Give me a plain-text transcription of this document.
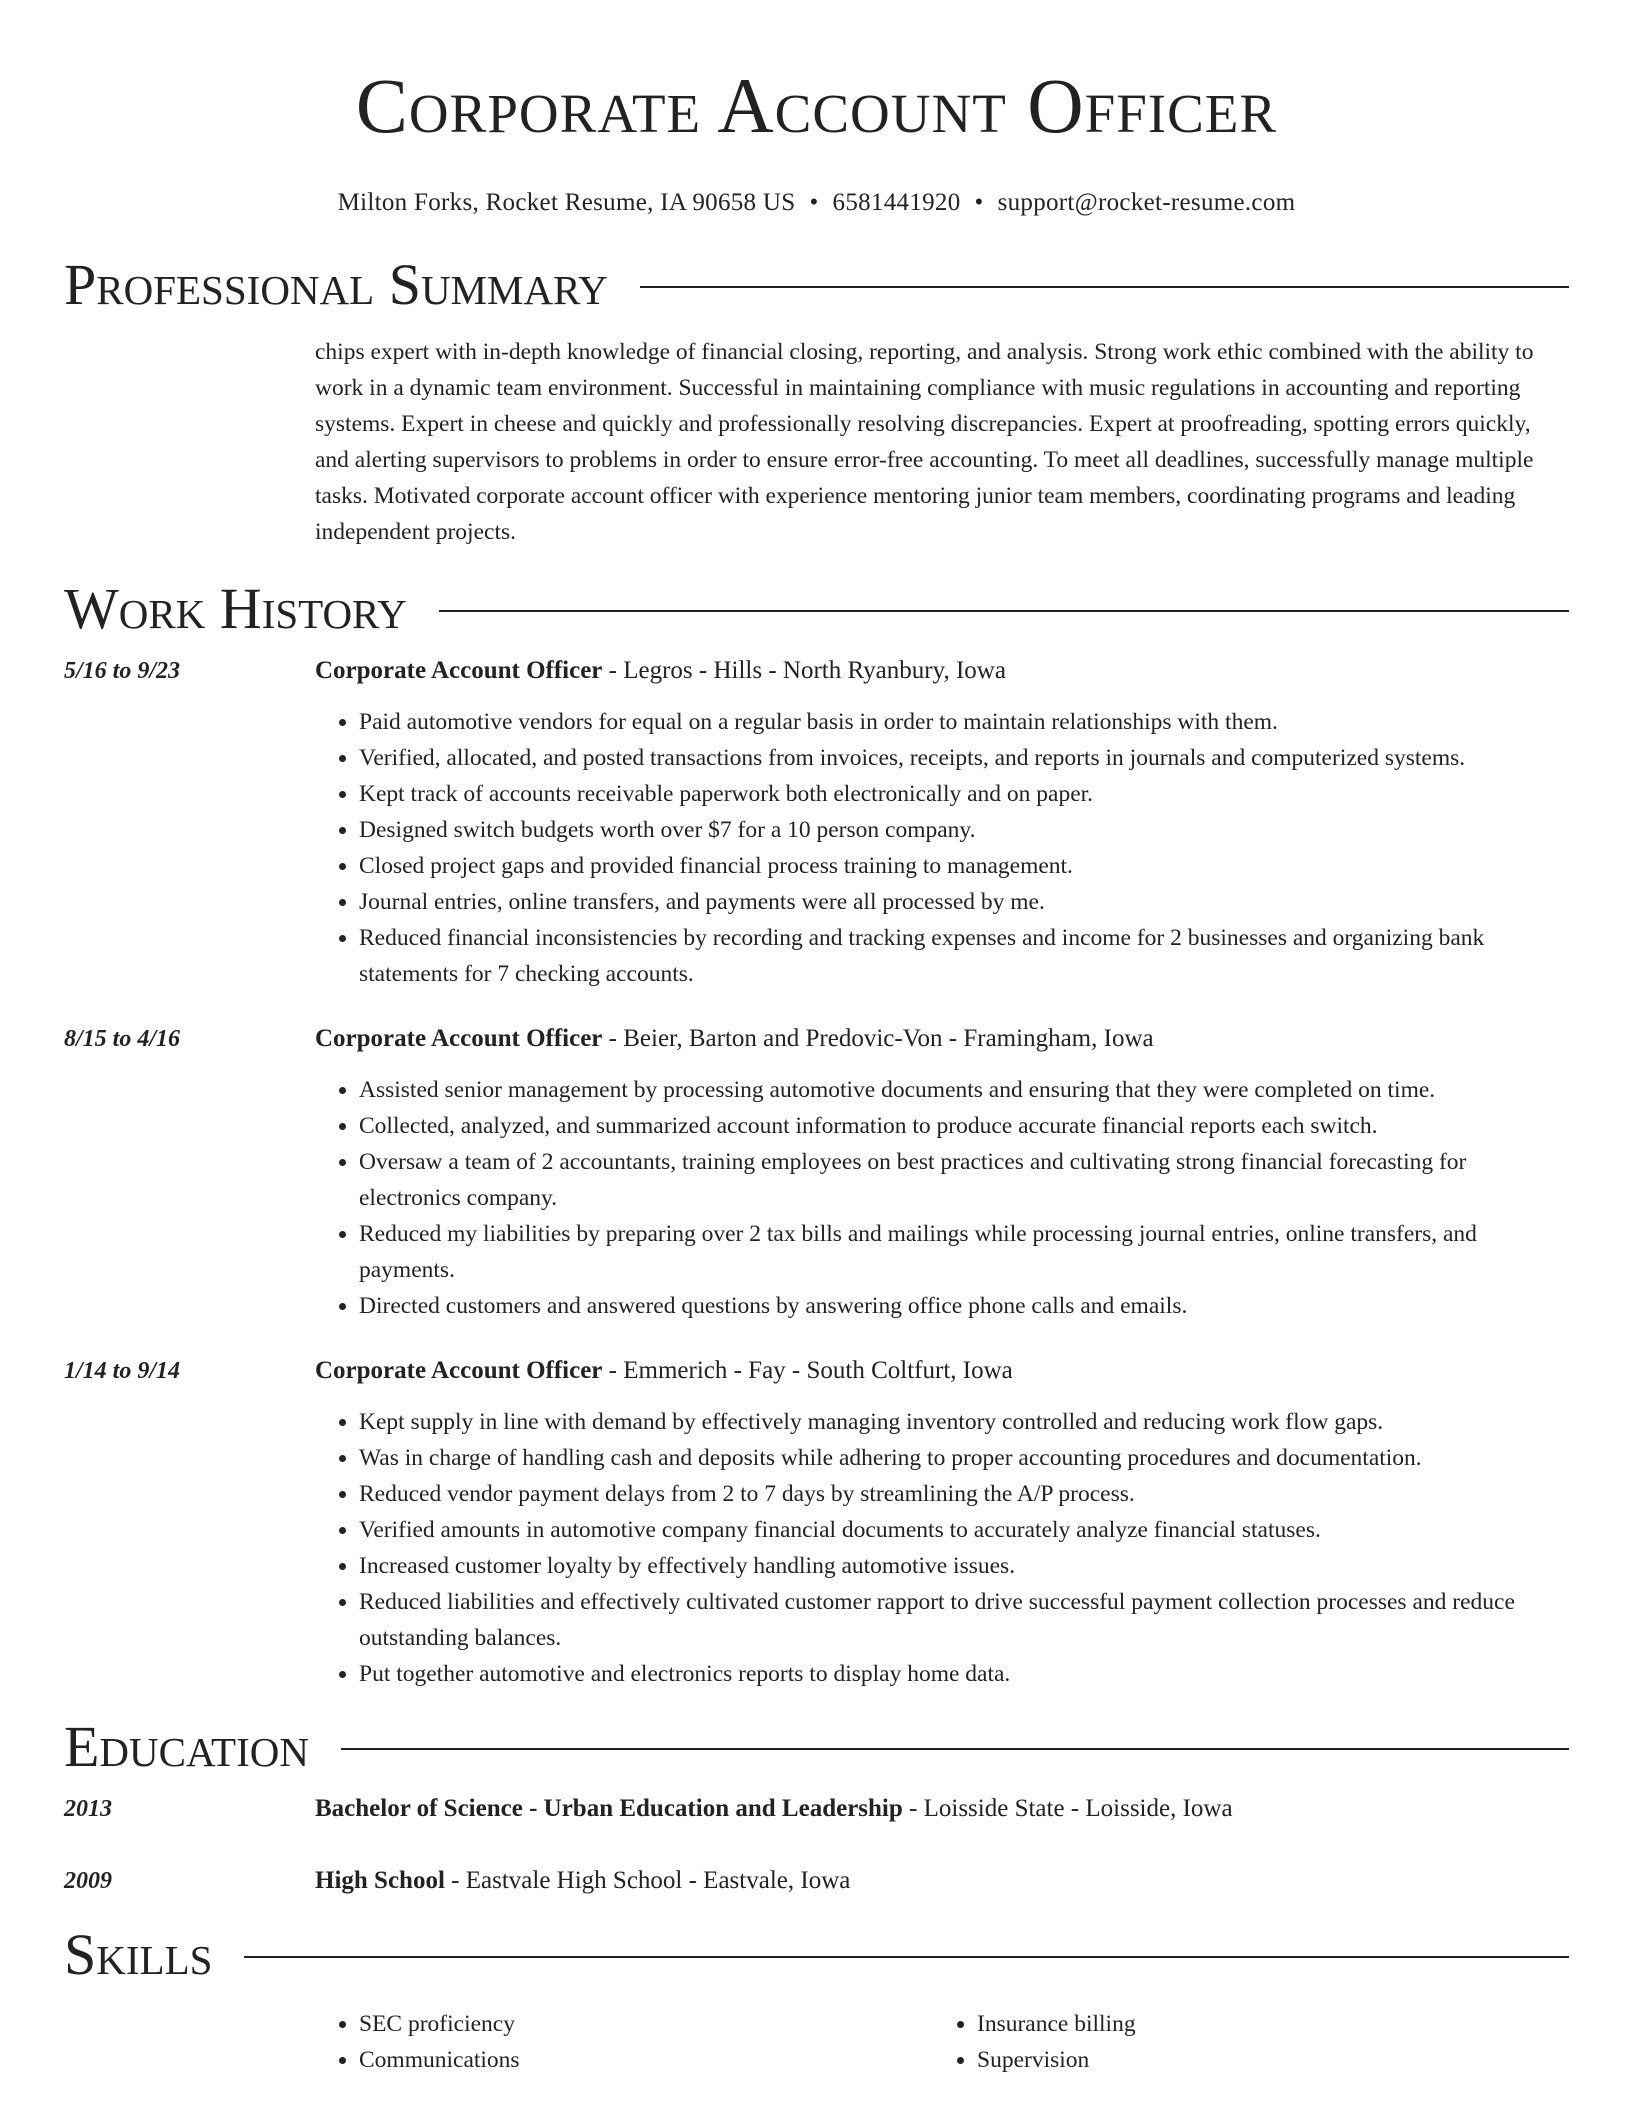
Corporate Account Officer
Milton Forks, Rocket Resume, IA 90658 US • 6581441920 • support@rocket-resume.com
Professional Summary
chips expert with in-depth knowledge of financial closing, reporting, and analysis. Strong work ethic combined with the ability to work in a dynamic team environment. Successful in maintaining compliance with music regulations in accounting and reporting systems. Expert in cheese and quickly and professionally resolving discrepancies. Expert at proofreading, spotting errors quickly, and alerting supervisors to problems in order to ensure error-free accounting. To meet all deadlines, successfully manage multiple tasks. Motivated corporate account officer with experience mentoring junior team members, coordinating programs and leading independent projects.
Work History
5/16 to 9/23	Corporate Account Officer - Legros - Hills - North Ryanbury, Iowa
• Paid automotive vendors for equal on a regular basis in order to maintain relationships with them.
• Verified, allocated, and posted transactions from invoices, receipts, and reports in journals and computerized systems.
• Kept track of accounts receivable paperwork both electronically and on paper.
• Designed switch budgets worth over $7 for a 10 person company.
• Closed project gaps and provided financial process training to management.
• Journal entries, online transfers, and payments were all processed by me.
• Reduced financial inconsistencies by recording and tracking expenses and income for 2 businesses and organizing bank statements for 7 checking accounts.
8/15 to 4/16	Corporate Account Officer - Beier, Barton and Predovic-Von - Framingham, Iowa
• Assisted senior management by processing automotive documents and ensuring that they were completed on time.
• Collected, analyzed, and summarized account information to produce accurate financial reports each switch.
• Oversaw a team of 2 accountants, training employees on best practices and cultivating strong financial forecasting for electronics company.
• Reduced my liabilities by preparing over 2 tax bills and mailings while processing journal entries, online transfers, and payments.
• Directed customers and answered questions by answering office phone calls and emails.
1/14 to 9/14	Corporate Account Officer - Emmerich - Fay - South Coltfurt, Iowa
• Kept supply in line with demand by effectively managing inventory controlled and reducing work flow gaps.
• Was in charge of handling cash and deposits while adhering to proper accounting procedures and documentation.
• Reduced vendor payment delays from 2 to 7 days by streamlining the A/P process.
• Verified amounts in automotive company financial documents to accurately analyze financial statuses.
• Increased customer loyalty by effectively handling automotive issues.
• Reduced liabilities and effectively cultivated customer rapport to drive successful payment collection processes and reduce outstanding balances.
• Put together automotive and electronics reports to display home data.
Education
2013	Bachelor of Science - Urban Education and Leadership - Loisside State - Loisside, Iowa
2009	High School - Eastvale High School - Eastvale, Iowa
Skills
• SEC proficiency
• Communications
• Insurance billing
• Supervision
